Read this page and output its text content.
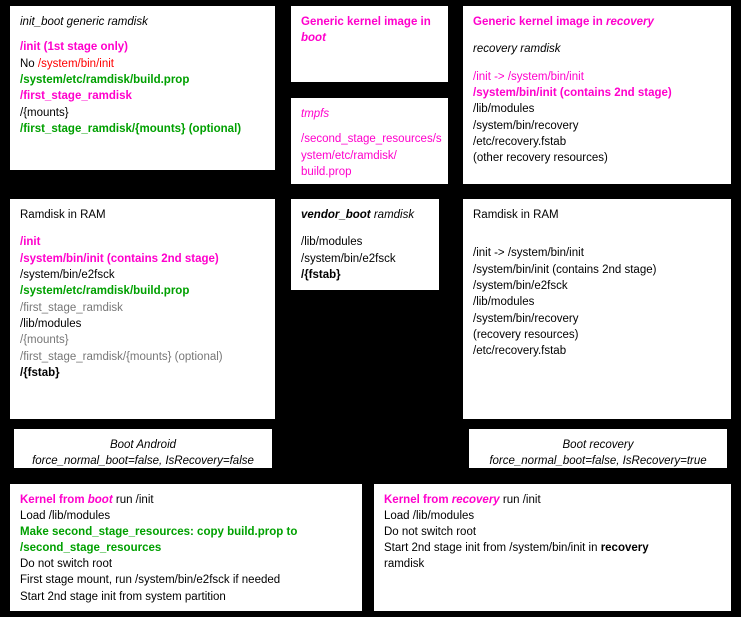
init_boot generic ramdisk
/init (1st stage only)
No /system/bin/init
/system/etc/ramdisk/build.prop
/first_stage_ramdisk
/{mounts}
/first_stage_ramdisk/{mounts} (optional)
Generic kernel image in boot
tmpfs
/second_stage_resources/s
ystem/etc/ramdisk/
build.prop
Generic kernel image in recovery
recovery ramdisk
/init -> /system/bin/init
/system/bin/init (contains 2nd stage)
/lib/modules
/system/bin/recovery
/etc/recovery.fstab
(other recovery resources)
Ramdisk in RAM
/init
/system/bin/init (contains 2nd stage)
/system/bin/e2fsck
/system/etc/ramdisk/build.prop
/first_stage_ramdisk
/lib/modules
/{mounts}
/first_stage_ramdisk/{mounts} (optional)
/{fstab}
vendor_boot ramdisk
/lib/modules
/system/bin/e2fsck
/{fstab}
Ramdisk in RAM
/init -> /system/bin/init
/system/bin/init (contains 2nd stage)
/system/bin/e2fsck
/lib/modules
/system/bin/recovery
(recovery resources)
/etc/recovery.fstab
Boot Android
force_normal_boot=false, IsRecovery=false
Boot recovery
force_normal_boot=false, IsRecovery=true
Kernel from boot run /init
Load /lib/modules
Make second_stage_resources: copy build.prop to
/second_stage_resources
Do not switch root
First stage mount, run /system/bin/e2fsck if needed
Start 2nd stage init from system partition
Kernel from recovery run /init
Load /lib/modules
Do not switch root
Start 2nd stage init from /system/bin/init in recovery
ramdisk
